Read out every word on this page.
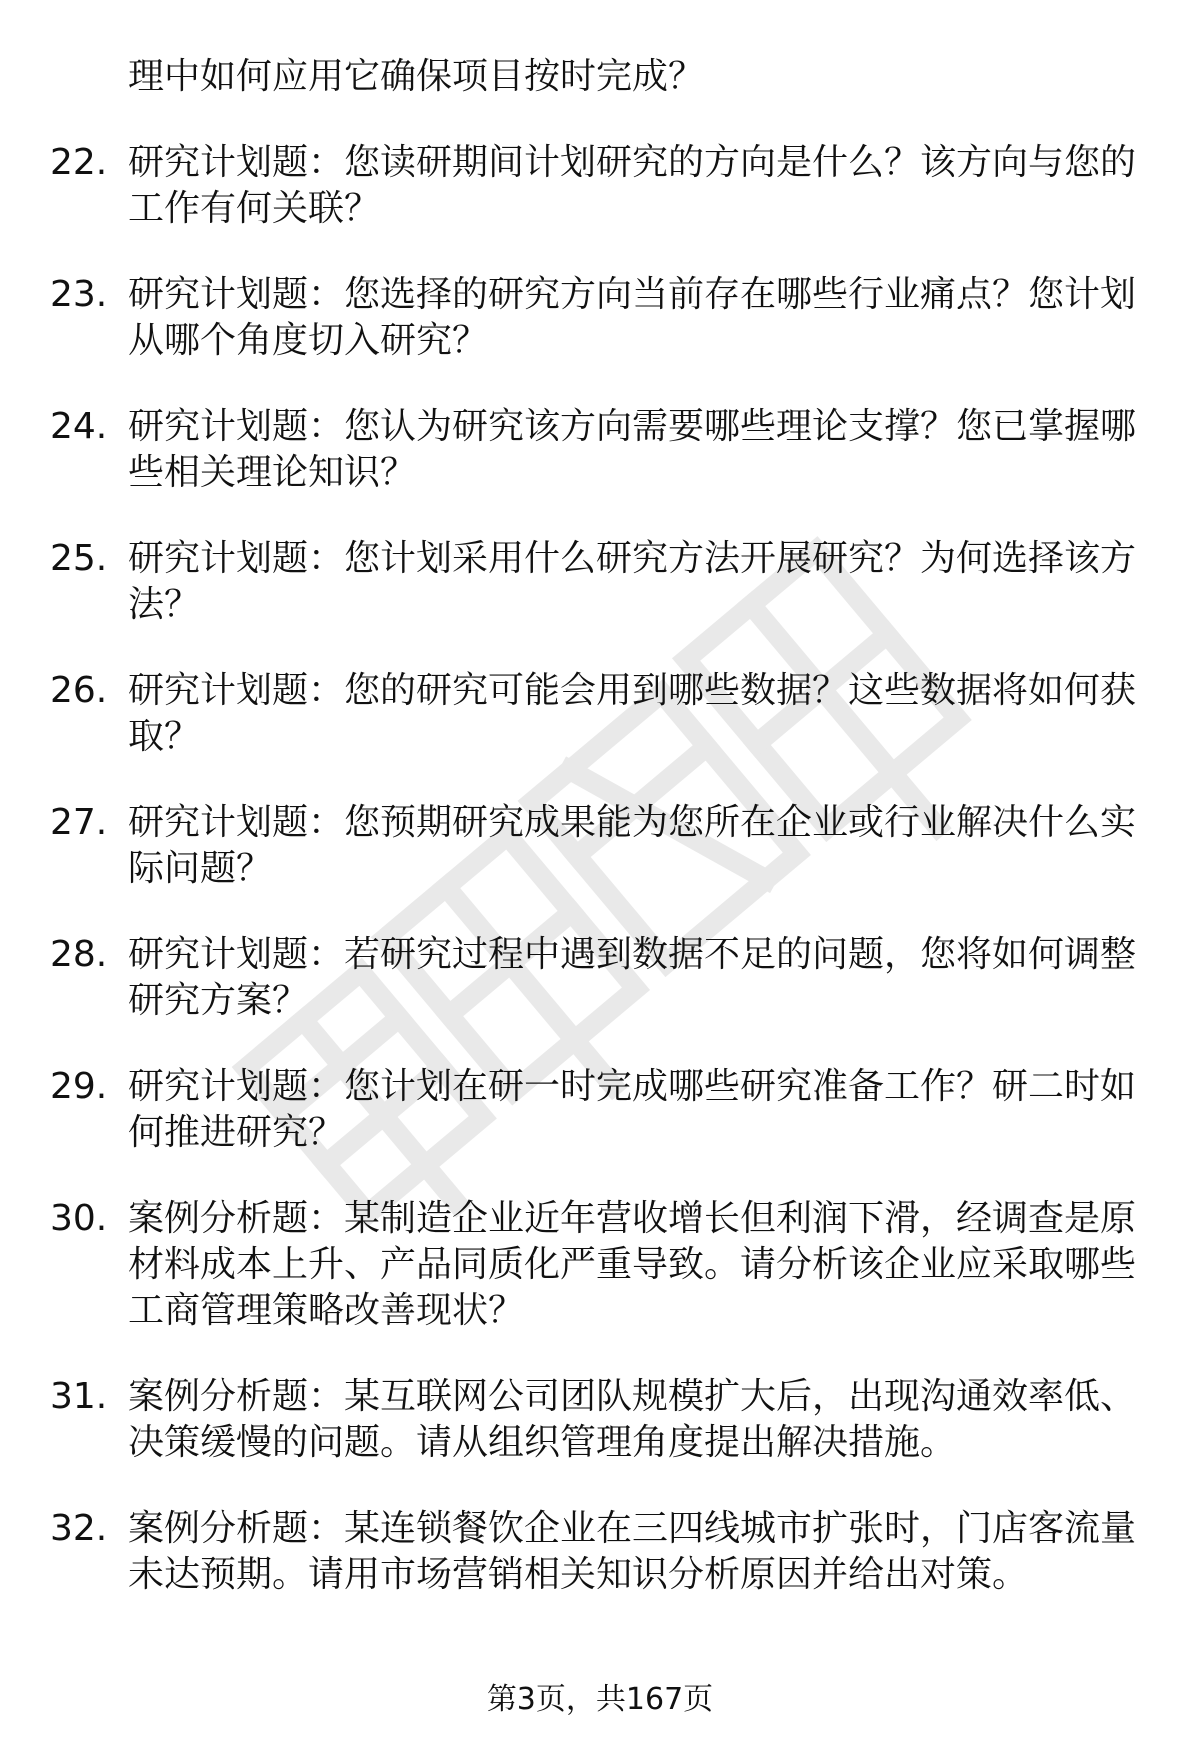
理中如何应用它确保项目按时完成？
22. 研究计划题：您读研期间计划研究的方向是什么？该方向与您的工作有何关联？
23. 研究计划题：您选择的研究方向当前存在哪些行业痛点？您计划从哪个角度切入研究？
24. 研究计划题：您认为研究该方向需要哪些理论支撑？您已掌握哪些相关理论知识？
25. 研究计划题：您计划采用什么研究方法开展研究？为何选择该方法？
26. 研究计划题：您的研究可能会用到哪些数据？这些数据将如何获取？
27. 研究计划题：您预期研究成果能为您所在企业或行业解决什么实际问题？
28. 研究计划题：若研究过程中遇到数据不足的问题，您将如何调整研究方案？
29. 研究计划题：您计划在研一时完成哪些研究准备工作？研二时如何推进研究？
30. 案例分析题：某制造企业近年营收增长但利润下滑，经调查是原材料成本上升、产品同质化严重导致。请分析该企业应采取哪些工商管理策略改善现状？
31. 案例分析题：某互联网公司团队规模扩大后，出现沟通效率低、决策缓慢的问题。请从组织管理角度提出解决措施。
32. 案例分析题：某连锁餐饮企业在三四线城市扩张时，门店客流量未达预期。请用市场营销相关知识分析原因并给出对策。
第3页，共167页
